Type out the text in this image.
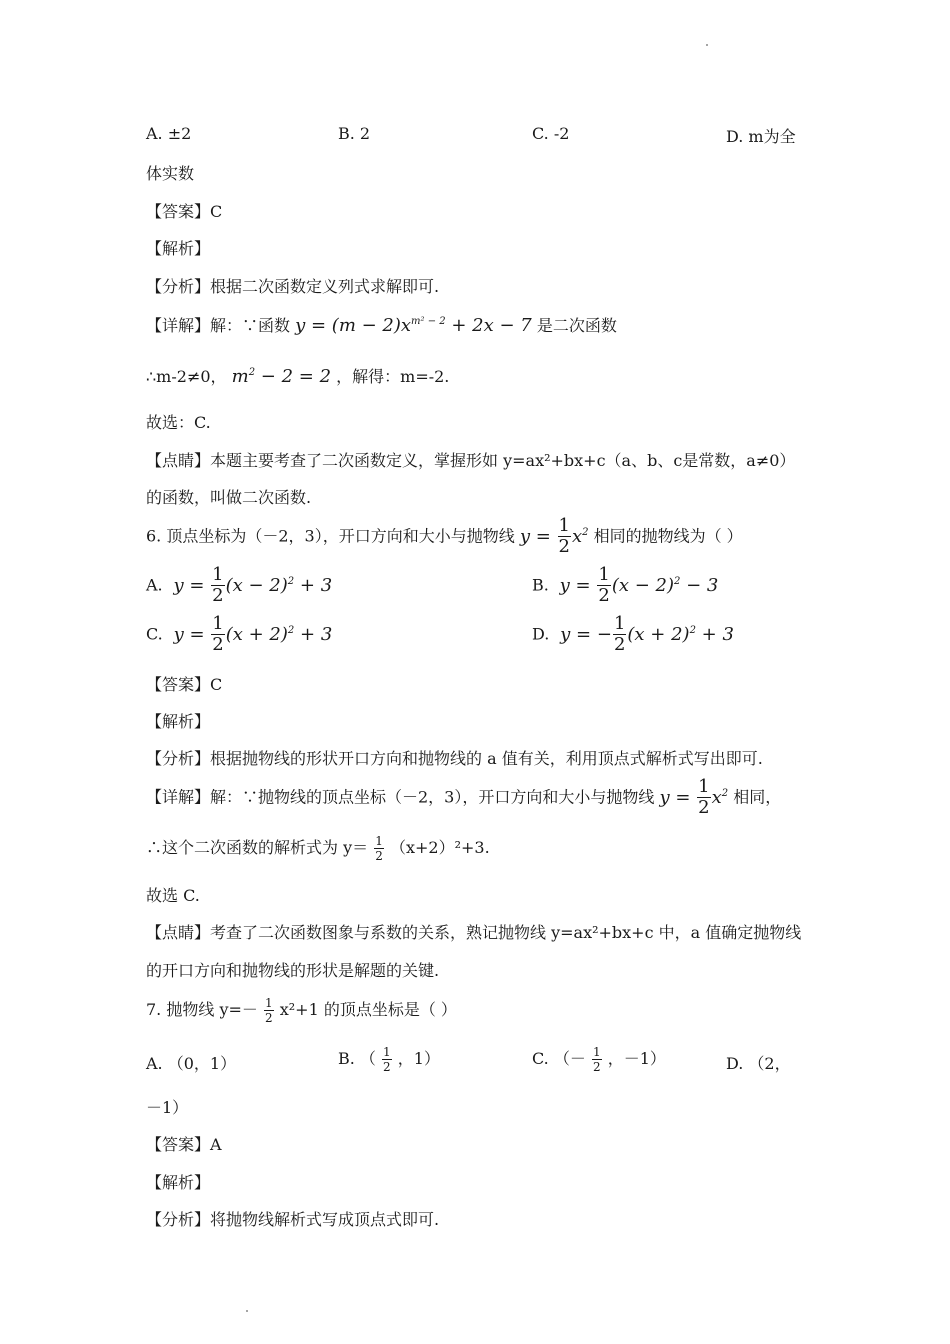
A. ±2	B. 2	C. -2	D. m为全
体实数
【答案】C
【解析】
【分析】根据二次函数定义列式求解即可.
【详解】解：∵函数 $y = (m - 2)x^{m^2 - 2} + 2x - 7$ 是二次函数
∴m-2≠0， $m^2 - 2 = 2$ ，解得：m=-2.
故选：C.
【点睛】本题主要考查了二次函数定义，掌握形如 y=ax²+bx+c（a、b、c是常数，a≠0）
的函数，叫做二次函数.
6. 顶点坐标为（－2，3），开口方向和大小与抛物线 $y = \frac{1}{2} x^2$ 相同的抛物线为（ ）
A.  $y = \frac{1}{2} (x - 2)^2 + 3$	B.  $y = \frac{1}{2} (x - 2)^2 - 3$
C.  $y = \frac{1}{2} (x + 2)^2 + 3$	D.  y = − $\frac{1}{2} (x + 2)^2 + 3$
【答案】C
【解析】
【分析】根据抛物线的形状开口方向和抛物线的 a 值有关，利用顶点式解析式写出即可.
【详解】解：∵抛物线的顶点坐标（－2，3），开口方向和大小与抛物线 $y = \frac{1}{2} x^2$ 相同，
∴这个二次函数的解析式为 $y= \frac{1}{2} (x+2)^2+3$.
故选 C.
【点睛】考查了二次函数图象与系数的关系，熟记抛物线 y=ax²+bx+c 中，a 值确定抛物线
的开口方向和抛物线的形状是解题的关键.
7. 抛物线 $y=- \frac{1}{2} x^2+1$ 的顶点坐标是（ ）
A. （0，1）	B. （ $\frac{1}{2}$ ，1）	C. （－ $\frac{1}{2}$ ，－1）	D. （2，
－1）
【答案】A
【解析】
【分析】将抛物线解析式写成顶点式即可.
